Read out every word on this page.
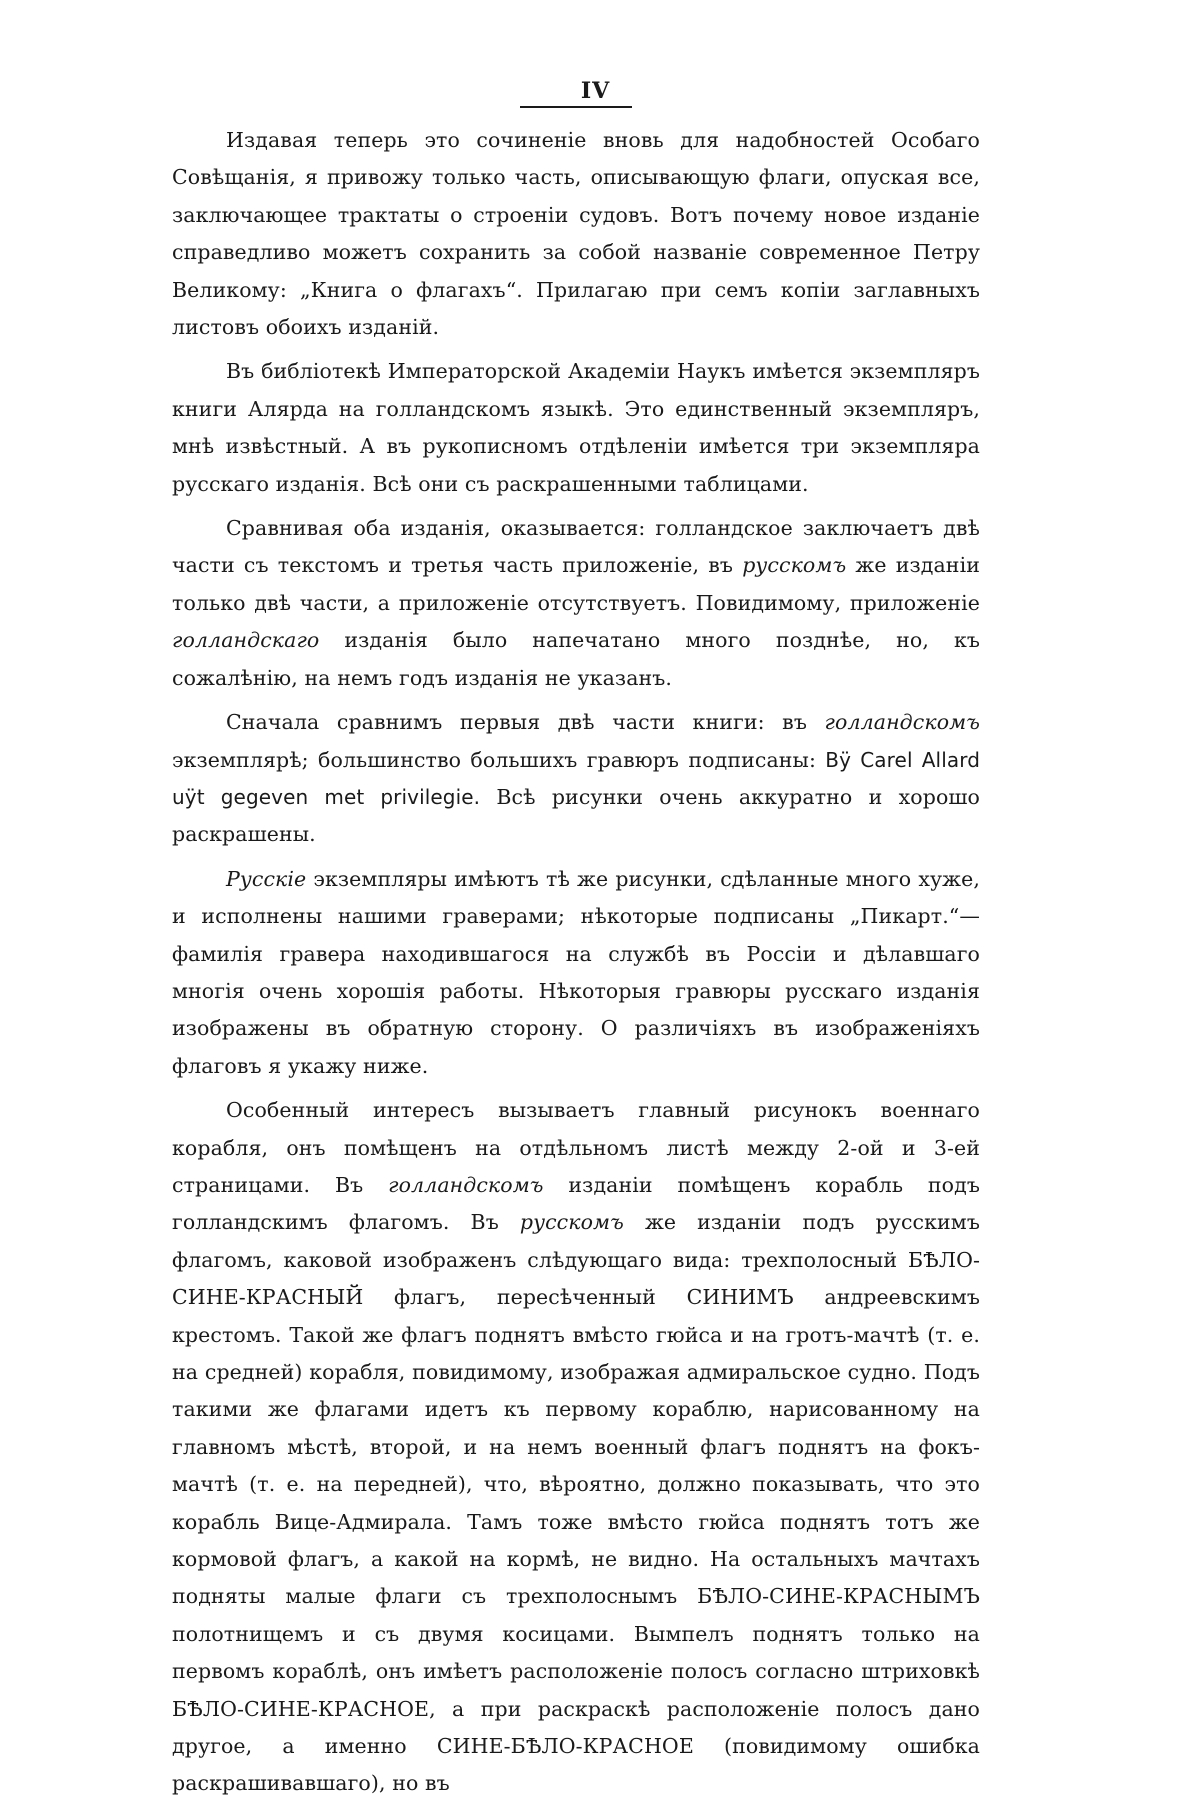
IV

Издавая теперь это сочиненіе вновь для надобностей Особаго Совѣщанія, я привожу только часть, описывающую флаги, опуская все, заключающее трактаты о строеніи судовъ. Вотъ почему новое изданіе справедливо можетъ сохранить за собой названіе современное Петру Великому: „Книга о флагахъ“. Прилагаю при семъ копіи заглавныхъ листовъ обоихъ изданій.

Въ библіотекѣ Императорской Академіи Наукъ имѣется экземпляръ книги Алярда на голландскомъ языкѣ. Это единственный экземпляръ, мнѣ извѣстный. А въ рукописномъ отдѣленіи имѣется три экземпляра русскаго изданія. Всѣ они съ раскрашенными таблицами.

Сравнивая оба изданія, оказывается: голландское заключаетъ двѣ части съ текстомъ и третья часть приложеніе, въ русскомъ же изданіи только двѣ части, а приложеніе отсутствуетъ. Повидимому, приложеніе голландскаго изданія было напечатано много позднѣе, но, къ сожалѣнію, на немъ годъ изданія не указанъ.

Сначала сравнимъ первыя двѣ части книги: въ голландскомъ экземплярѣ; большинство большихъ гравюръ подписаны: Bÿ Carel Allard uÿt gegeven met privilegie. Всѣ рисунки очень аккуратно и хорошо раскрашены.

Русскіе экземпляры имѣютъ тѣ же рисунки, сдѣланные много хуже, и исполнены нашими граверами; нѣкоторые подписаны „Пикарт.“—фамилія гравера находившагося на службѣ въ Россіи и дѣлавшаго многія очень хорошія работы. Нѣкоторыя гравюры русскаго изданія изображены въ обратную сторону. О различіяхъ въ изображеніяхъ флаговъ я укажу ниже.

Особенный интересъ вызываетъ главный рисунокъ военнаго корабля, онъ помѣщенъ на отдѣльномъ листѣ между 2-ой и 3-ей страницами. Въ голландскомъ изданіи помѣщенъ корабль подъ голландскимъ флагомъ. Въ русскомъ же изданіи подъ русскимъ флагомъ, каковой изображенъ слѣдующаго вида: трехполосный БѢЛО-СИНЕ-КРАСНЫЙ флагъ, пересѣченный СИНИМЪ андреевскимъ крестомъ. Такой же флагъ поднятъ вмѣсто гюйса и на гротъ-мачтѣ (т. е. на средней) корабля, повидимому, изображая адмиральское судно. Подъ такими же флагами идетъ къ первому кораблю, нарисованному на главномъ мѣстѣ, второй, и на немъ военный флагъ поднятъ на фокъ-мачтѣ (т. е. на передней), что, вѣроятно, должно показывать, что это корабль Вице-Адмирала. Тамъ тоже вмѣсто гюйса поднятъ тотъ же кормовой флагъ, а какой на кормѣ, не видно. На остальныхъ мачтахъ подняты малые флаги съ трехполоснымъ БѢЛО-СИНЕ-КРАСНЫМЪ полотнищемъ и съ двумя косицами. Вымпелъ поднятъ только на первомъ кораблѣ, онъ имѣетъ расположеніе полосъ согласно штриховкѣ БѢЛО-СИНЕ-КРАСНОЕ, а при раскраскѣ расположеніе полосъ дано другое, а именно СИНЕ-БѢЛО-КРАСНОЕ (повидимому ошибка раскрашивавшаго), но въ
